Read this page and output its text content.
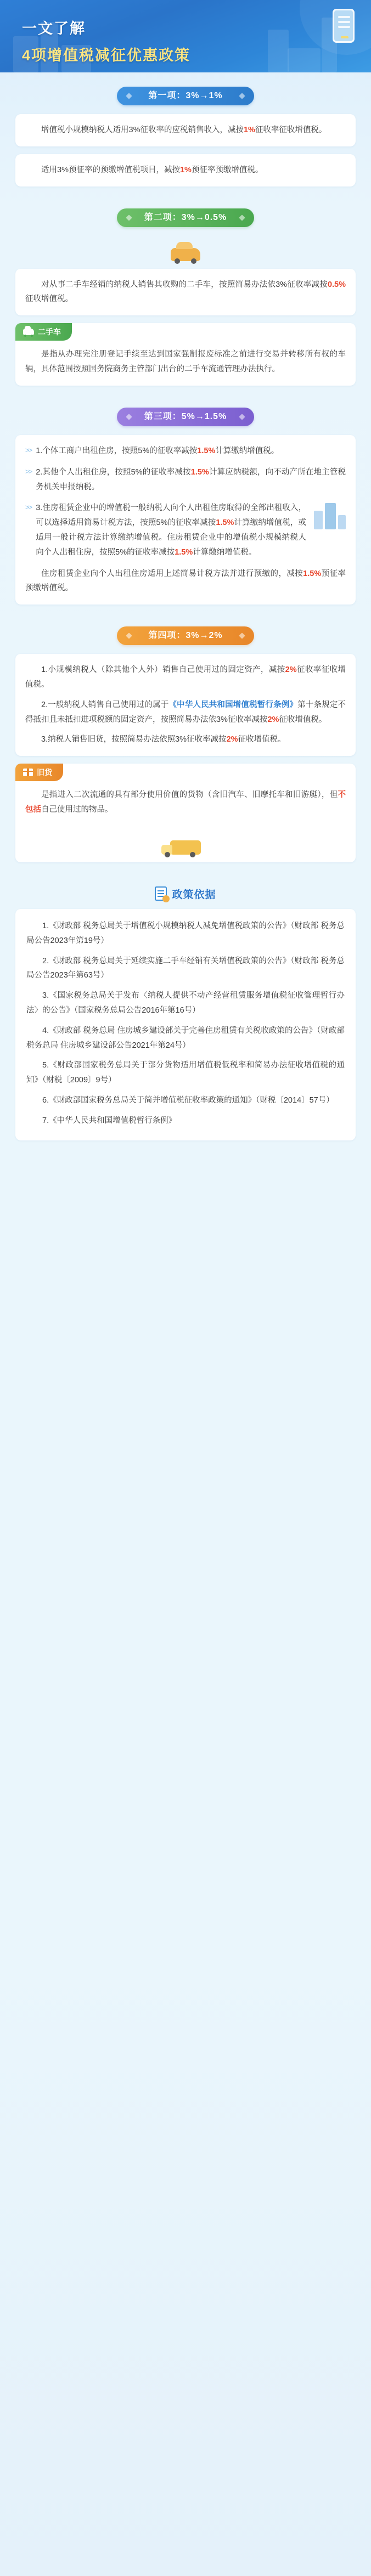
一文了解
4项增值税减征优惠政策
第一项：3%→1%

增值税小规模纳税人适用3%征收率的应税销售收入，减按1%征收率征收增值税。

适用3%预征率的预缴增值税项目，减按1%预征率预缴增值税。

第二项：3%→0.5%

对从事二手车经销的纳税人销售其收购的二手车，按照简易办法依3%征收率减按0.5%征收增值税。

二手车
是指从办理完注册登记手续至达到国家强制报废标准之前进行交易并转移所有权的车辆，具体范围按照国务院商务主管部门出台的二手车流通管理办法执行。
第三项：5%→1.5%
>> 1.个体工商户出租住房，按照5%的征收率减按1.5%计算缴纳增值税。
>> 2.其他个人出租住房，按照5%的征收率减按1.5%计算应纳税额，向不动产所在地主管税务机关申报纳税。
>> 3.住房租赁企业中的增值税一般纳税人向个人出租住房取得的全部出租收入，可以选择适用简易计税方法，按照5%的征收率减按1.5%计算缴纳增值税，或适用一般计税方法计算缴纳增值税。住房租赁企业中的增值税小规模纳税人向个人出租住房，按照5%的征收率减按1.5%计算缴纳增值税。

住房租赁企业向个人出租住房适用上述简易计税方法并进行预缴的，减按1.5%预征率预缴增值税。

第四项：3%→2%

1.小规模纳税人（除其他个人外）销售自己使用过的固定资产，减按2%征收率征收增值税。

2.一般纳税人销售自己使用过的属于《中华人民共和国增值税暂行条例》第十条规定不得抵扣且未抵扣进项税额的固定资产，按照简易办法依3%征收率减按2%征收增值税。

3.纳税人销售旧货，按照简易办法依照3%征收率减按2%征收增值税。

旧货
是指进入二次流通的具有部分使用价值的货物（含旧汽车、旧摩托车和旧游艇），但不包括自己使用过的物品。
政策依据

1.《财政部 税务总局关于增值税小规模纳税人减免增值税政策的公告》（财政部 税务总局公告2023年第19号）

2.《财政部 税务总局关于延续实施二手车经销有关增值税政策的公告》（财政部 税务总局公告2023年第63号）

3.《国家税务总局关于发布〈纳税人提供不动产经营租赁服务增值税征收管理暂行办法〉的公告》（国家税务总局公告2016年第16号）

4.《财政部 税务总局 住房城乡建设部关于完善住房租赁有关税收政策的公告》（财政部 税务总局 住房城乡建设部公告2021年第24号）

5.《财政部国家税务总局关于部分货物适用增值税低税率和简易办法征收增值税的通知》（财税〔2009〕9号）

6.《财政部国家税务总局关于简并增值税征收率政策的通知》（财税〔2014〕57号）

7.《中华人民共和国增值税暂行条例》
